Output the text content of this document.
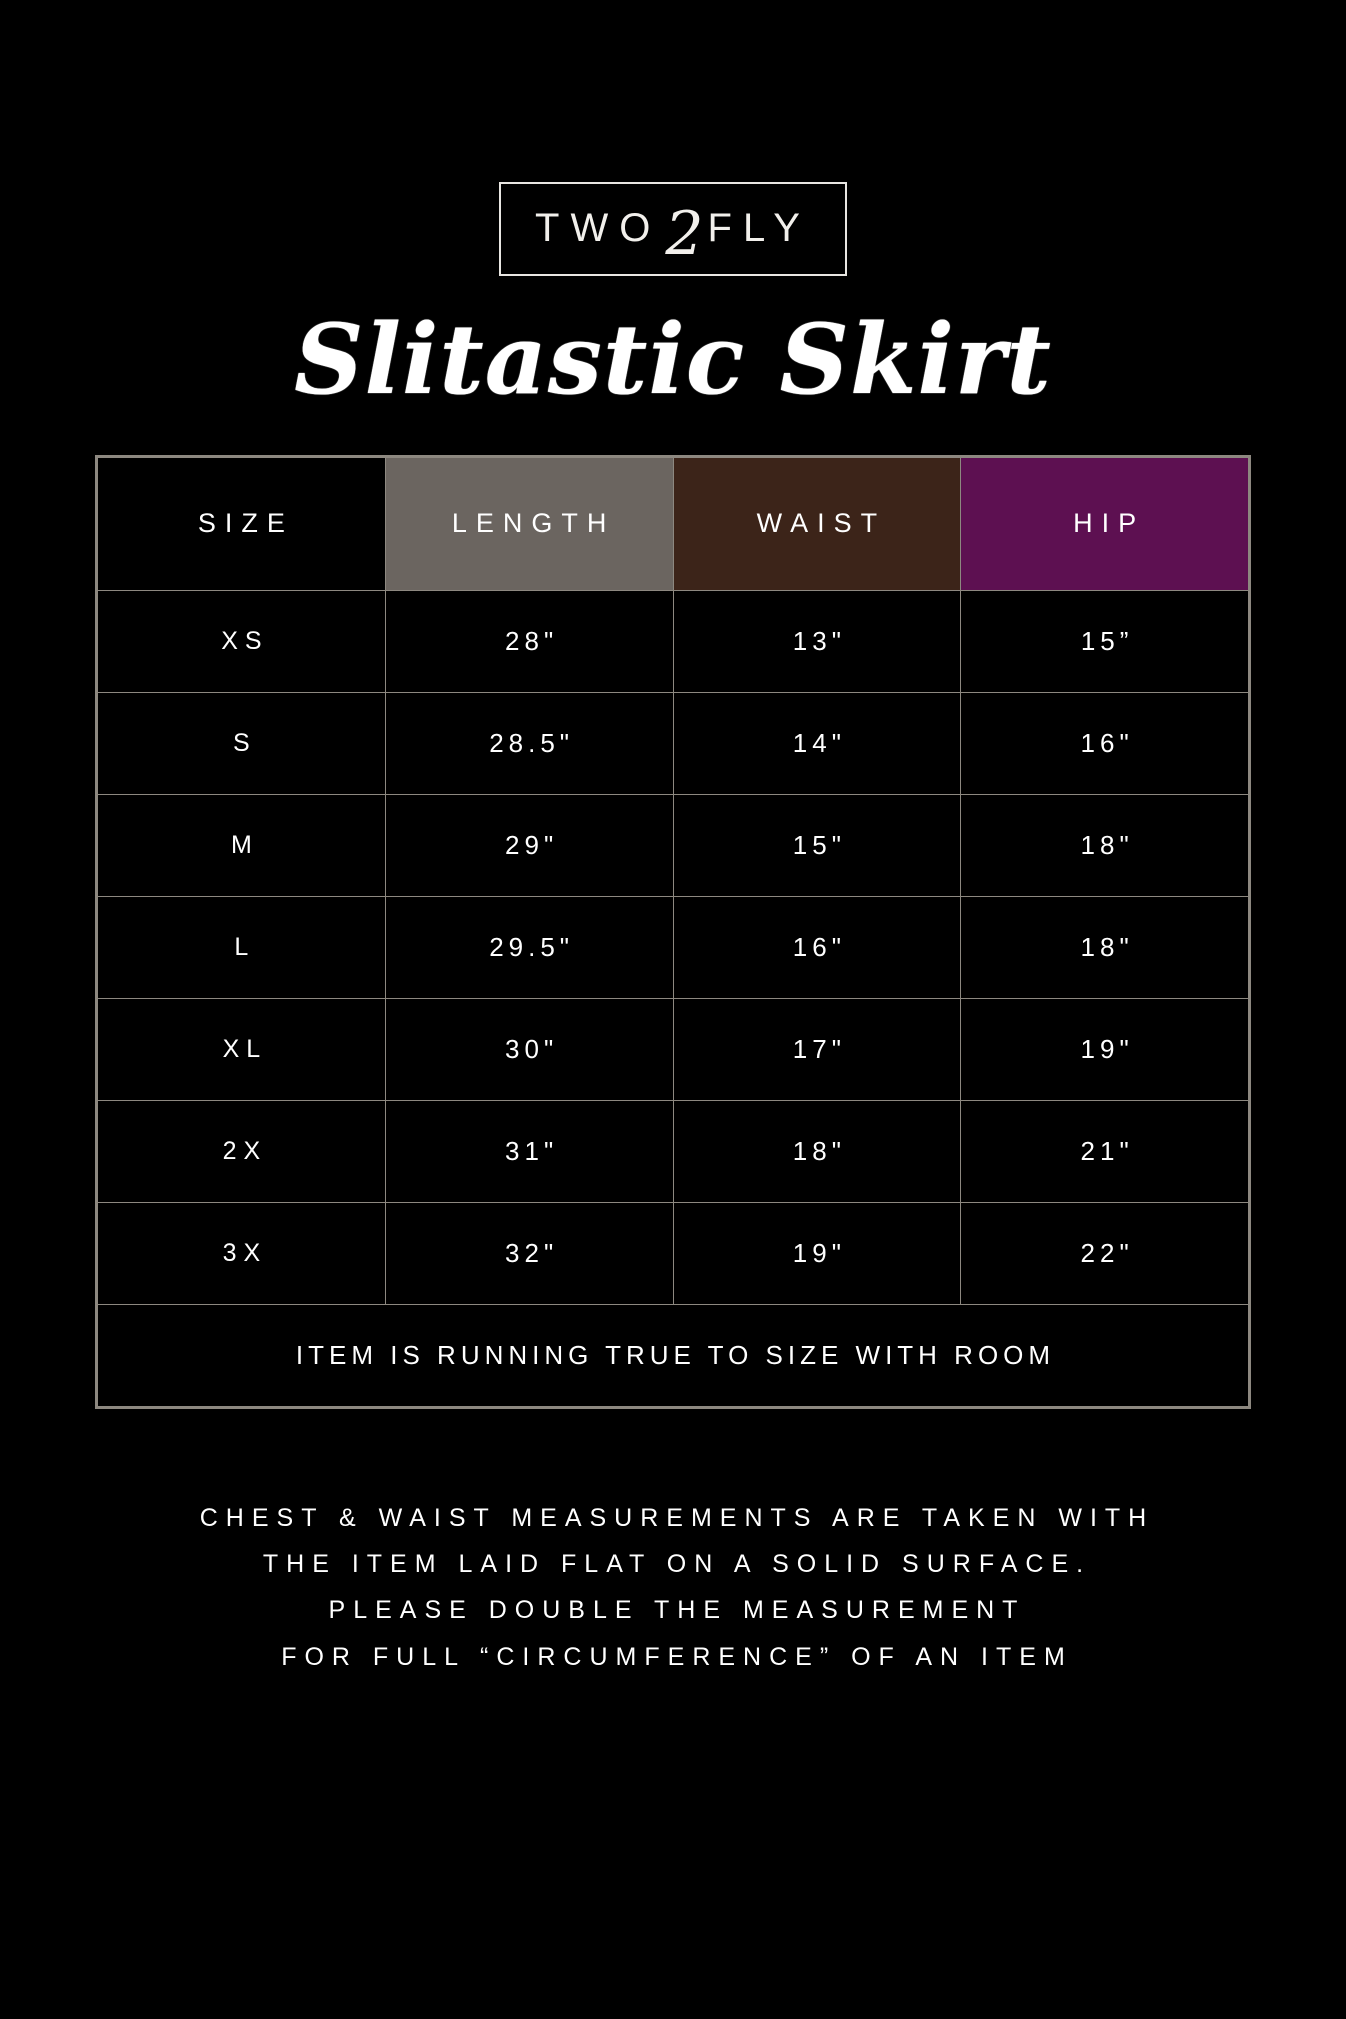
TWO 2 FLY
Slitastic Skirt
SIZE	LENGTH	WAIST	HIP
XS	28"	13"	15”
S	28.5"	14"	16"
M	29"	15"	18"
L	29.5"	16"	18"
XL	30"	17"	19"
2X	31"	18"	21"
3X	32"	19"	22"
ITEM IS RUNNING TRUE TO SIZE WITH ROOM			
CHEST & WAIST MEASUREMENTS ARE TAKEN WITH
THE ITEM LAID FLAT ON A SOLID SURFACE.
PLEASE DOUBLE THE MEASUREMENT
FOR FULL “CIRCUMFERENCE” OF AN ITEM
